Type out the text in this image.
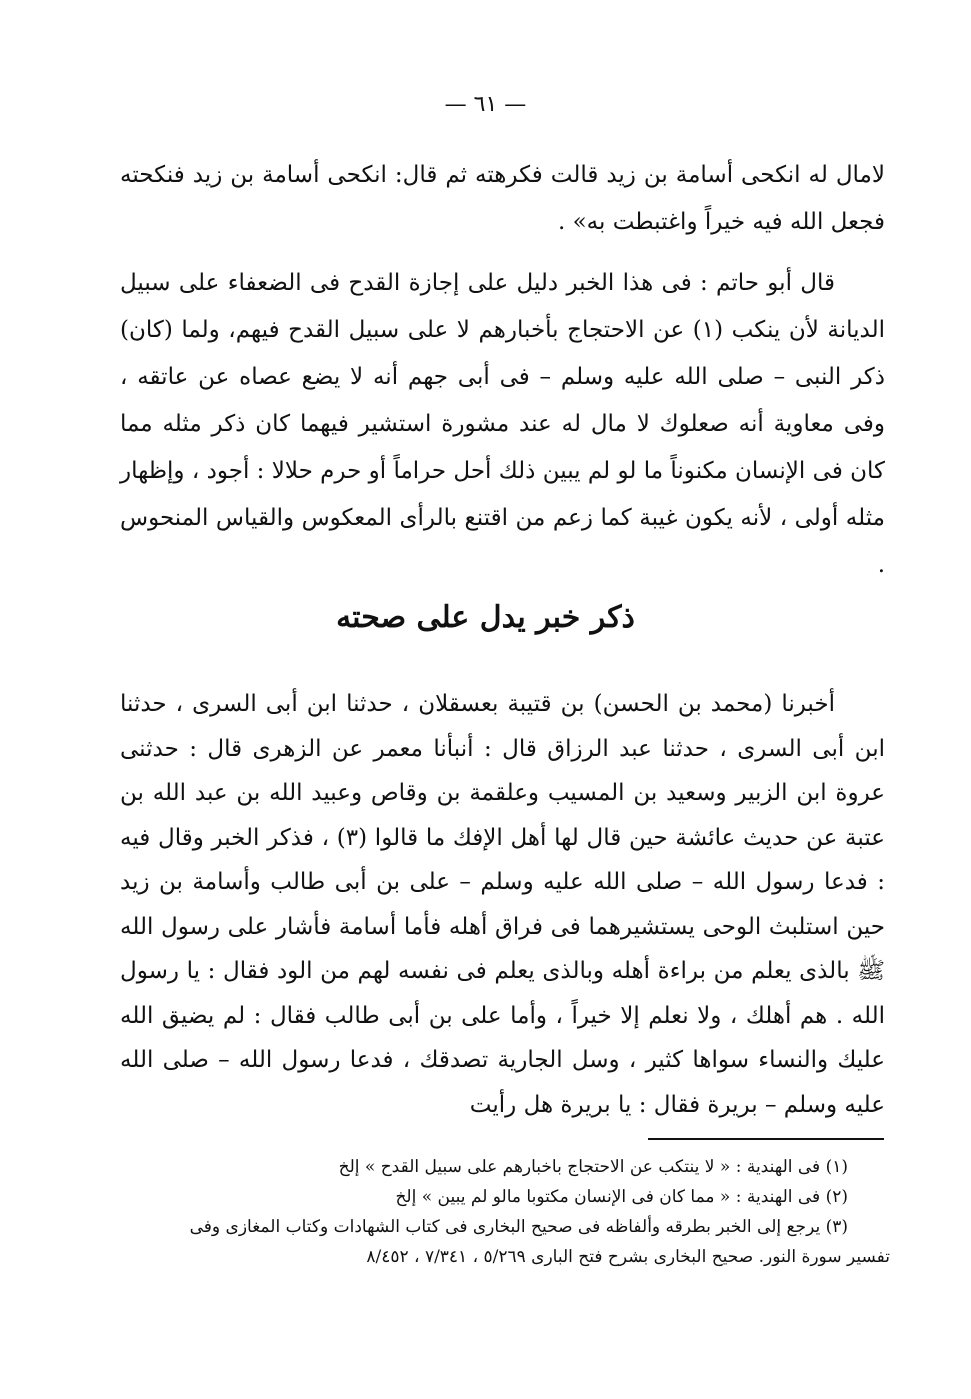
— ٦١ —

لامال له انكحى أسامة بن زيد قالت فكرهته ثم قال: انكحى أسامة بن زيد فنكحته فجعل الله فيه خيراً واغتبطت به» .

قال أبو حاتم : فى هذا الخبر دليل على إجازة القدح فى الضعفاء على سبيل الديانة لأن ينكب (١) عن الاحتجاج بأخبارهم لا على سبيل القدح فيهم، ولما (كان) ذكر النبى – صلى الله عليه وسلم – فى أبى جهم أنه لا يضع عصاه عن عاتقه ، وفى معاوية أنه صعلوك لا مال له عند مشورة استشير فيهما كان ذكر مثله مما كان فى الإنسان مكنوناً ما لو لم يبين ذلك أحل حراماً أو حرم حلالا : أجود ، وإظهار مثله أولى ، لأنه يكون غيبة كما زعم من اقتنع بالرأى المعكوس والقياس المنحوس .

ذكر خبر يدل على صحته

أخبرنا (محمد بن الحسن) بن قتيبة بعسقلان ، حدثنا ابن أبى السرى ، حدثنا ابن أبى السرى ، حدثنا عبد الرزاق قال : أنبأنا معمر عن الزهرى قال : حدثنى عروة ابن الزبير وسعيد بن المسيب وعلقمة بن وقاص وعبيد الله بن عبد الله بن عتبة عن حديث عائشة حين قال لها أهل الإفك ما قالوا (٣) ، فذكر الخبر وقال فيه : فدعا رسول الله – صلى الله عليه وسلم – على بن أبى طالب وأسامة بن زيد حين استلبث الوحى يستشيرهما فى فراق أهله فأما أسامة فأشار على رسول الله ﷺ بالذى يعلم من براءة أهله وبالذى يعلم فى نفسه لهم من الود فقال : يا رسول الله . هم أهلك ، ولا نعلم إلا خيراً ، وأما على بن أبى طالب فقال : لم يضيق الله عليك والنساء سواها كثير ، وسل الجارية تصدقك ، فدعا رسول الله – صلى الله عليه وسلم – بريرة فقال : يا بريرة هل رأيت

(١) فى الهندية : « لا ينتكب عن الاحتجاج باخبارهم على سبيل القدح » إلخ

(٢) فى الهندية : « مما كان فى الإنسان مكتوبا مالو لم يبين » إلخ

(٣) يرجع إلى الخبر بطرقه وألفاظه فى صحيح البخارى فى كتاب الشهادات وكتاب المغازى وفى

تفسير سورة النور. صحيح البخارى بشرح فتح البارى ٥/٢٦٩ ، ٧/٣٤١ ، ٨/٤٥٢
